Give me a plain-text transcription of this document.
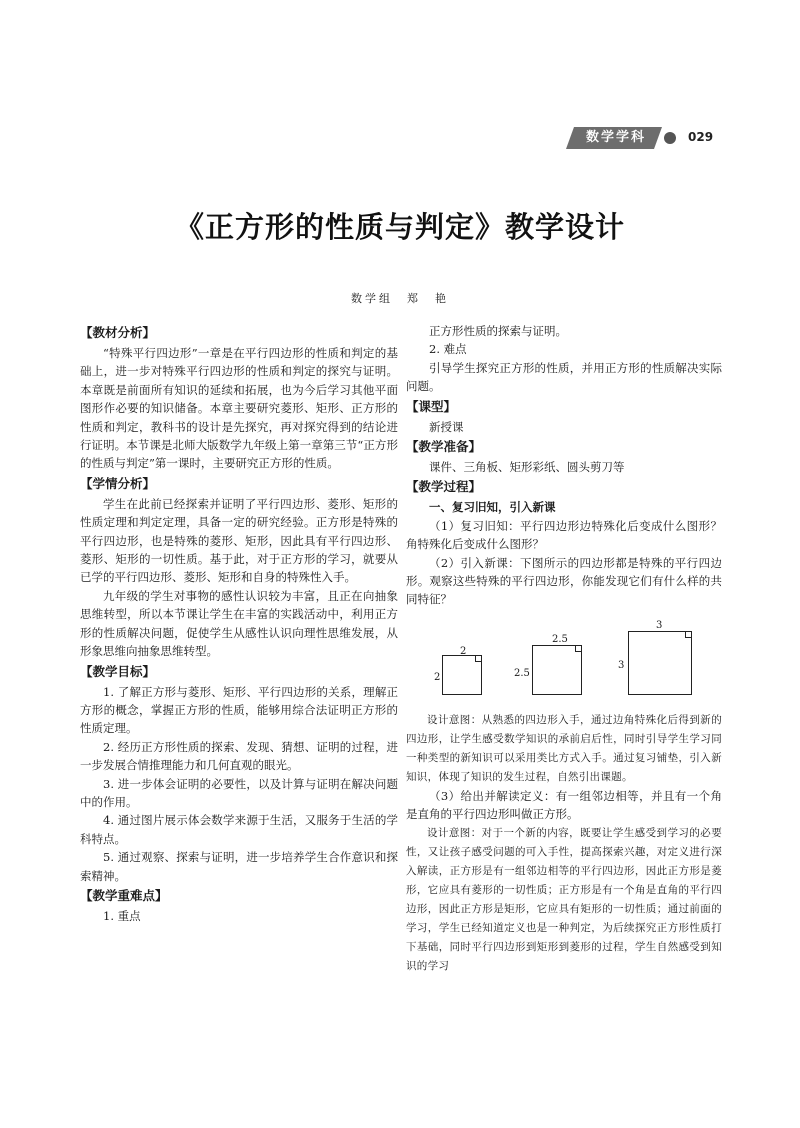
数学学科	029
《正方形的性质与判定》教学设计
数学组　郑　艳
【教材分析】
“特殊平行四边形”一章是在平行四边形的性质和判定的基础上，进一步对特殊平行四边形的性质和判定的探究与证明。本章既是前面所有知识的延续和拓展，也为今后学习其他平面图形作必要的知识储备。本章主要研究菱形、矩形、正方形的性质和判定，教科书的设计是先探究，再对探究得到的结论进行证明。本节课是北师大版数学九年级上第一章第三节“正方形的性质与判定”第一课时，主要研究正方形的性质。
【学情分析】
学生在此前已经探索并证明了平行四边形、菱形、矩形的性质定理和判定定理，具备一定的研究经验。正方形是特殊的平行四边形，也是特殊的菱形、矩形，因此具有平行四边形、菱形、矩形的一切性质。基于此，对于正方形的学习，就要从已学的平行四边形、菱形、矩形和自身的特殊性入手。
九年级的学生对事物的感性认识较为丰富，且正在向抽象思维转型，所以本节课让学生在丰富的实践活动中，利用正方形的性质解决问题，促使学生从感性认识向理性思维发展，从形象思维向抽象思维转型。
【教学目标】
1. 了解正方形与菱形、矩形、平行四边形的关系，理解正方形的概念，掌握正方形的性质，能够用综合法证明正方形的性质定理。
2. 经历正方形性质的探索、发现、猜想、证明的过程，进一步发展合情推理能力和几何直观的眼光。
3. 进一步体会证明的必要性，以及计算与证明在解决问题中的作用。
4. 通过图片展示体会数学来源于生活，又服务于生活的学科特点。
5. 通过观察、探索与证明，进一步培养学生合作意识和探索精神。
【教学重难点】
1. 重点
正方形性质的探索与证明。
2. 难点
引导学生探究正方形的性质，并用正方形的性质解决实际问题。
【课型】
新授课
【教学准备】
课件、三角板、矩形彩纸、圆头剪刀等
【教学过程】
一、复习旧知，引入新课
（1）复习旧知：平行四边形边特殊化后变成什么图形？角特殊化后变成什么图形？
（2）引入新课：下图所示的四边形都是特殊的平行四边形。观察这些特殊的平行四边形，你能发现它们有什么样的共同特征？
2
2
2.5
2.5
3
3
设计意图：从熟悉的四边形入手，通过边角特殊化后得到新的四边形，让学生感受数学知识的承前启后性，同时引导学生学习同一种类型的新知识可以采用类比方式入手。通过复习铺垫，引入新知识，体现了知识的发生过程，自然引出课题。
（3）给出并解读定义：有一组邻边相等，并且有一个角是直角的平行四边形叫做正方形。
设计意图：对于一个新的内容，既要让学生感受到学习的必要性，又让孩子感受问题的可入手性，提高探索兴趣，对定义进行深入解读，正方形是有一组邻边相等的平行四边形，因此正方形是菱形，它应具有菱形的一切性质；正方形是有一个角是直角的平行四边形，因此正方形是矩形，它应具有矩形的一切性质；通过前面的学习，学生已经知道定义也是一种判定，为后续探究正方形性质打下基础，同时平行四边形到矩形到菱形的过程，学生自然感受到知识的学习
